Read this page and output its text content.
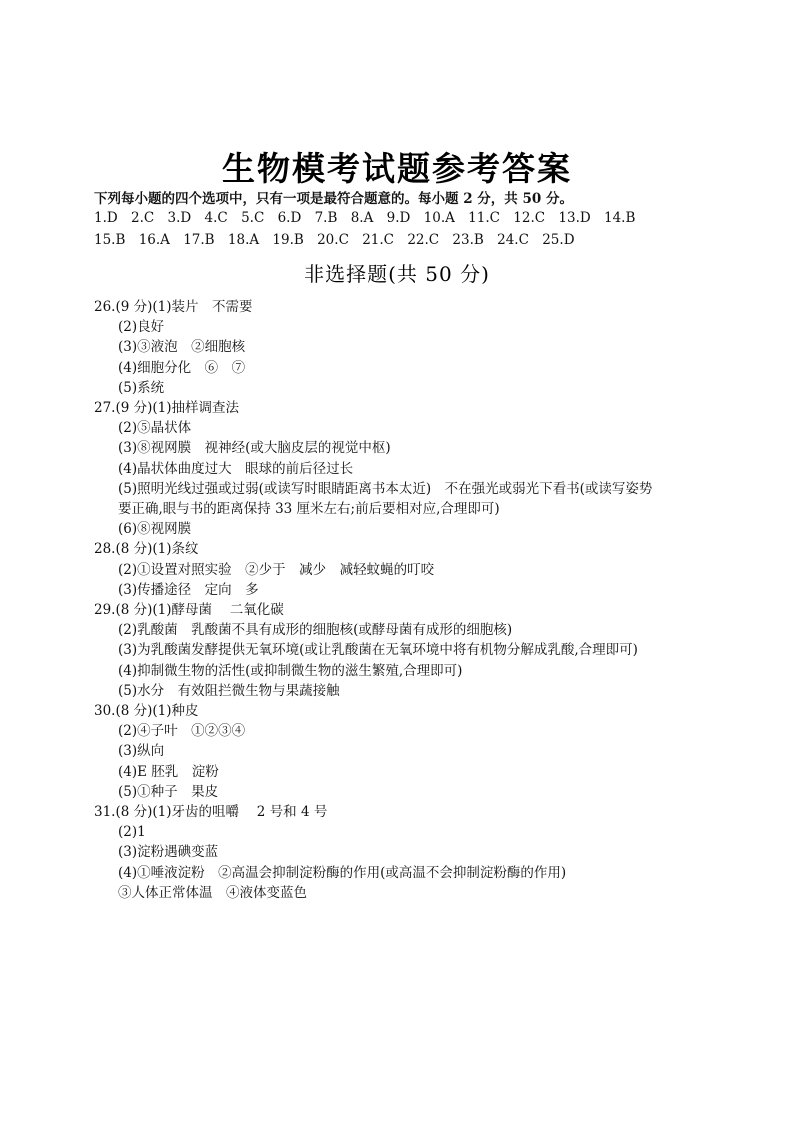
生物模考试题参考答案
下列每小题的四个选项中，只有一项是最符合题意的。每小题 2 分，共 50 分。
1.D 2.C 3.D 4.C 5.C 6.D 7.B 8.A 9.D 10.A 11.C 12.C 13.D 14.B
15.B 16.A 17.B 18.A 19.B 20.C 21.C 22.C 23.B 24.C 25.D
非选择题(共 50 分)
26.(9 分)(1)装片　不需要
(2)良好
(3)③液泡　②细胞核
(4)细胞分化　⑥　⑦
(5)系统
27.(9 分)(1)抽样调查法
(2)⑤晶状体
(3)⑧视网膜　视神经(或大脑皮层的视觉中枢)
(4)晶状体曲度过大　眼球的前后径过长
(5)照明光线过强或过弱(或读写时眼睛距离书本太近)　不在强光或弱光下看书(或读写姿势
要正确,眼与书的距离保持 33 厘米左右;前后要相对应,合理即可)
(6)⑧视网膜
28.(8 分)(1)条纹
(2)①设置对照实验　②少于　减少　减轻蚊蝇的叮咬
(3)传播途径　定向　多
29.(8 分)(1)酵母菌　 二氧化碳
(2)乳酸菌　乳酸菌不具有成形的细胞核(或酵母菌有成形的细胞核)
(3)为乳酸菌发酵提供无氧环境(或让乳酸菌在无氧环境中将有机物分解成乳酸,合理即可)
(4)抑制微生物的活性(或抑制微生物的滋生繁殖,合理即可)
(5)水分　有效阻拦微生物与果蔬接触
30.(8 分)(1)种皮
(2)④子叶　①②③④
(3)纵向
(4)E 胚乳　淀粉
(5)①种子　果皮
31.(8 分)(1)牙齿的咀嚼　 2 号和 4 号
(2)1
(3)淀粉遇碘变蓝
(4)①唾液淀粉　②高温会抑制淀粉酶的作用(或高温不会抑制淀粉酶的作用)
③人体正常体温　④液体变蓝色
